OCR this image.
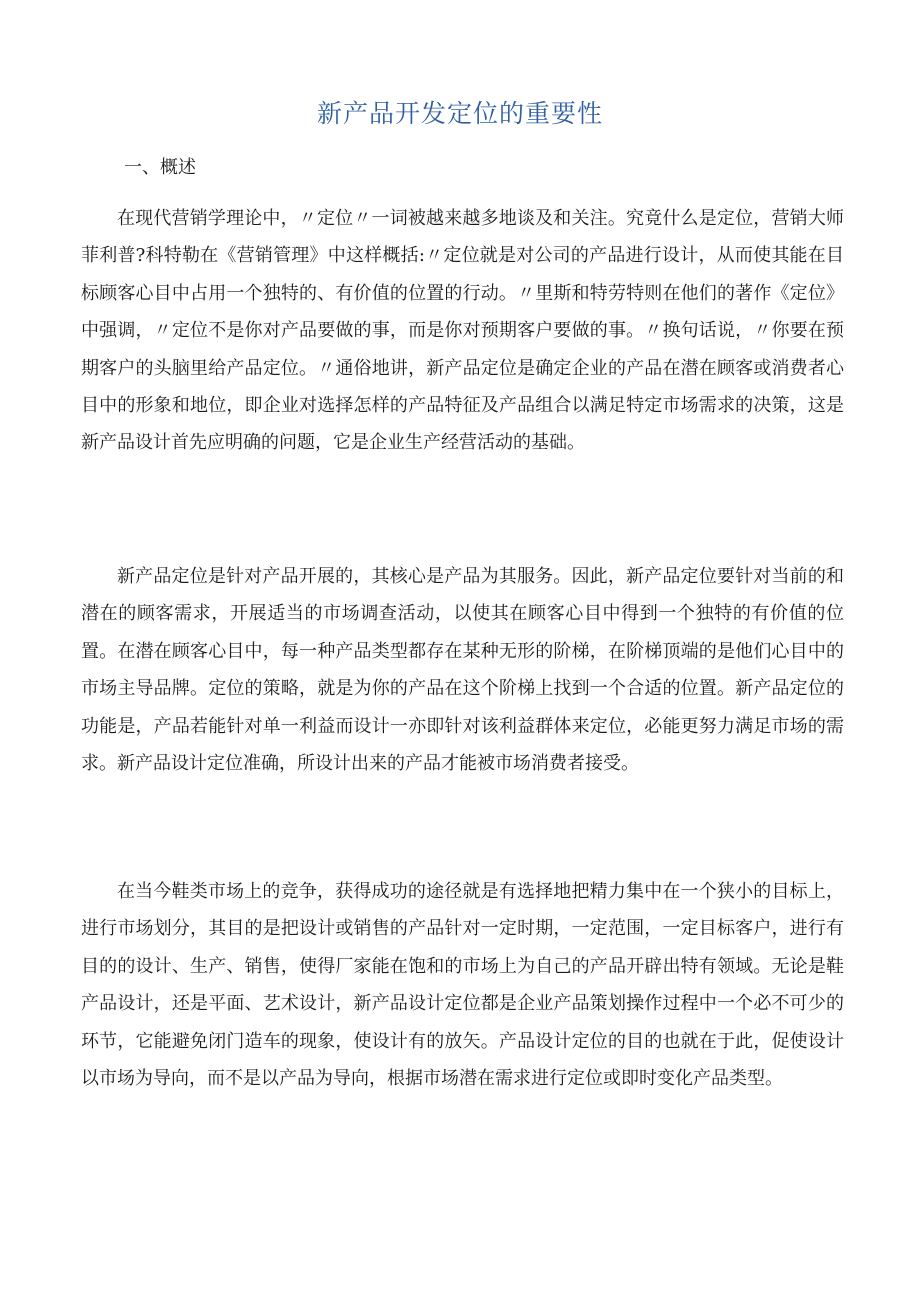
新产品开发定位的重要性
一、概述

在现代营销学理论中，〃定位〃一词被越来越多地谈及和关注。究竟什么是定位，营销大师菲利普?科特勒在《营销管理》中这样概括:〃定位就是对公司的产品进行设计，从而使其能在目标顾客心目中占用一个独特的、有价值的位置的行动。〃里斯和特劳特则在他们的著作《定位》中强调，〃定位不是你对产品要做的事，而是你对预期客户要做的事。〃换句话说，〃你要在预期客户的头脑里给产品定位。〃通俗地讲，新产品定位是确定企业的产品在潜在顾客或消费者心目中的形象和地位，即企业对选择怎样的产品特征及产品组合以满足特定市场需求的决策，这是新产品设计首先应明确的问题，它是企业生产经营活动的基础。

新产品定位是针对产品开展的，其核心是产品为其服务。因此，新产品定位要针对当前的和潜在的顾客需求，开展适当的市场调查活动，以使其在顾客心目中得到一个独特的有价值的位置。在潜在顾客心目中，每一种产品类型都存在某种无形的阶梯，在阶梯顶端的是他们心目中的市场主导品牌。定位的策略，就是为你的产品在这个阶梯上找到一个合适的位置。新产品定位的功能是，产品若能针对单一利益而设计一亦即针对该利益群体来定位，必能更努力满足市场的需求。新产品设计定位准确，所设计出来的产品才能被市场消费者接受。

在当今鞋类市场上的竞争，获得成功的途径就是有选择地把精力集中在一个狭小的目标上，进行市场划分，其目的是把设计或销售的产品针对一定时期，一定范围，一定目标客户，进行有目的的设计、生产、销售，使得厂家能在饱和的市场上为自己的产品开辟出特有领域。无论是鞋产品设计，还是平面、艺术设计，新产品设计定位都是企业产品策划操作过程中一个必不可少的环节，它能避免闭门造车的现象，使设计有的放矢。产品设计定位的目的也就在于此，促使设计以市场为导向，而不是以产品为导向，根据市场潜在需求进行定位或即时变化产品类型。
